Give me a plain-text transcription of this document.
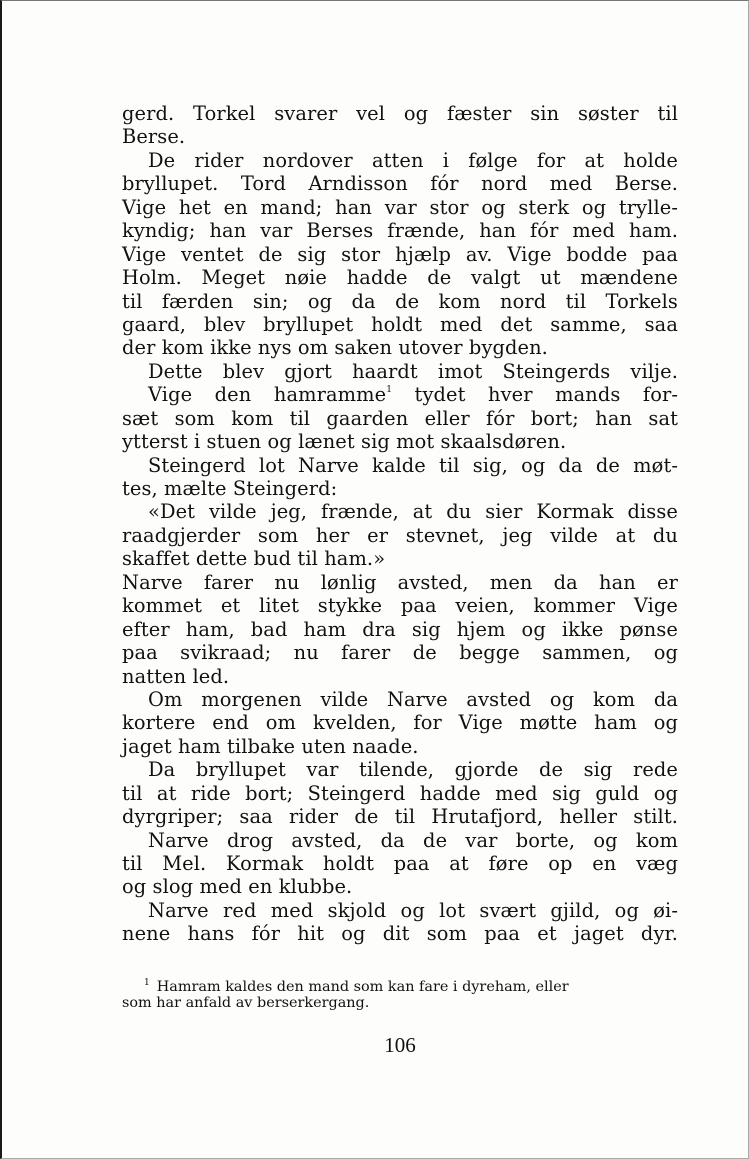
gerd. Torkel svarer vel og fæster sin søster til
Berse.
De rider nordover atten i følge for at holde
bryllupet. Tord Arndisson fór nord med Berse.
Vige het en mand; han var stor og sterk og trylle-
kyndig; han var Berses frænde, han fór med ham.
Vige ventet de sig stor hjælp av. Vige bodde paa
Holm. Meget nøie hadde de valgt ut mændene
til færden sin; og da de kom nord til Torkels
gaard, blev bryllupet holdt med det samme, saa
der kom ikke nys om saken utover bygden.
Dette blev gjort haardt imot Steingerds vilje.
Vige den hamramme$^1$ tydet hver mands for-
sæt som kom til gaarden eller fór bort; han sat
ytterst i stuen og lænet sig mot skaalsdøren.
Steingerd lot Narve kalde til sig, og da de møt-
tes, mælte Steingerd:
«Det vilde jeg, frænde, at du sier Kormak disse
raadgjerder som her er stevnet, jeg vilde at du
skaffet dette bud til ham.»
Narve farer nu lønlig avsted, men da han er
kommet et litet stykke paa veien, kommer Vige
efter ham, bad ham dra sig hjem og ikke pønse
paa svikraad; nu farer de begge sammen, og
natten led.
Om morgenen vilde Narve avsted og kom da
kortere end om kvelden, for Vige møtte ham og
jaget ham tilbake uten naade.
Da bryllupet var tilende, gjorde de sig rede
til at ride bort; Steingerd hadde med sig guld og
dyrgriper; saa rider de til Hrutafjord, heller stilt.
Narve drog avsted, da de var borte, og kom
til Mel. Kormak holdt paa at føre op en væg
og slog med en klubbe.
Narve red med skjold og lot svært gjild, og øi-
nene hans fór hit og dit som paa et jaget dyr.
$^1$ Hamram kaldes den mand som kan fare i dyreham, eller
som har anfald av berserkergang.
106
